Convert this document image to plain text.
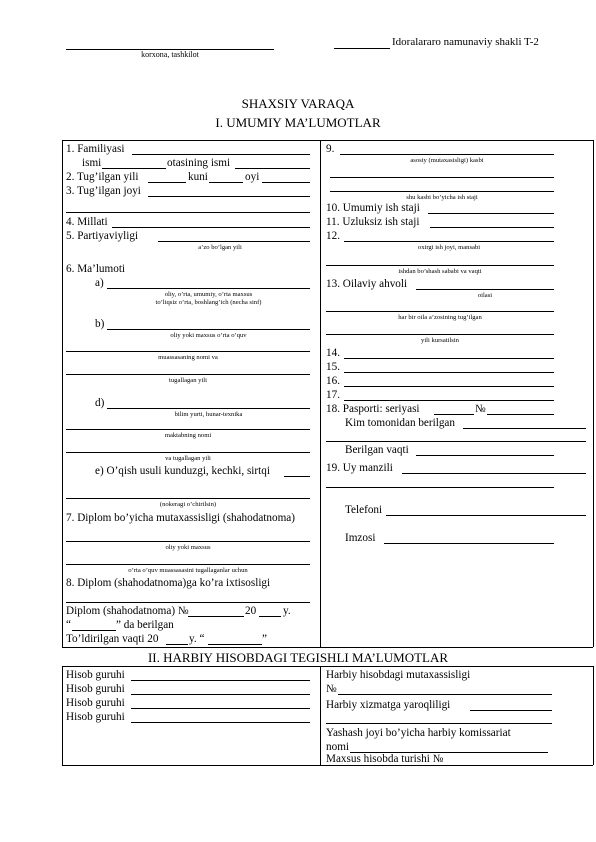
korxona, tashkilot
Idoralararo namunaviy shakli T-2
SHAXSIY VARAQA
I. UMUMIY MA’LUMOTLAR
1. Familiyasi
ismi	otasining ismi
2. Tug’ilgan yili	kuni	oyi
3. Tug’ilgan joyi
4. Millati
5. Partiyaviyligi
a’zo bo’lgan yili
6. Ma’lumoti
a)
oliy, o’rta, umumiy, o’rta maxsus
to’liqsiz o’rta, boshlang’ich (necha sinf)
b)
oliy yoki maxsus o’rta o’quv
muassasaning nomi va
tugallagan yili
d)
bilim yurti, hunar-texnika
maktabning nomi
va tugallagan yili
e) O’qish usuli kunduzgi, kechki, sirtqi
(nokeragi o’chirilsin)
7. Diplom bo’yicha mutaxassisligi (shahodatnoma)
oliy yoki maxsus
o’rta o’quv muassasasini tugallaganlar uchun
8. Diplom (shahodatnoma)ga ko’ra ixtisosligi
Diplom (shahodatnoma) №	20 y.
“	” da berilgan
To’ldirilgan vaqti 20	y. “	”
9.
asosiy (mutaxasisligi) kasbi
shu kasbi bo’yicha ish staji
10. Umumiy ish staji
11. Uzluksiz ish staji
12.
oxirgi ish joyi, mansabi
ishdan bo’shash sababi va vaqti
13. Oilaviy ahvoli
oilasi
har bir oila a’zosining tug’ilgan
yili kursatilsin
14.
15.
16.
17.
18. Pasporti: seriyasi	№
Kim tomonidan berilgan
Berilgan vaqti
19. Uy manzili
Telefoni
Imzosi
II. HARBIY HISOBDAGI TEGISHLI MA’LUMOTLAR
Hisob guruhi
Hisob guruhi
Hisob guruhi
Hisob guruhi
Harbiy hisobdagi mutaxassisligi
№
Harbiy xizmatga yaroqliligi
Yashash joyi bo’yicha harbiy komissariat
nomi
Maxsus hisobda turishi №
